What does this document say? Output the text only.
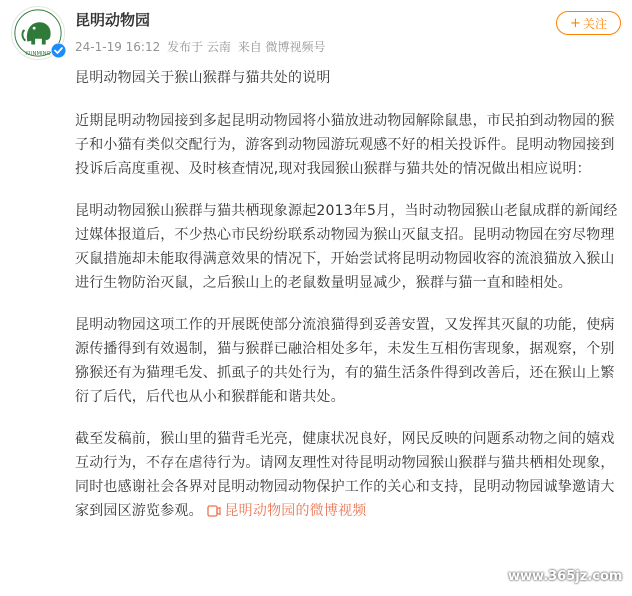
KUNMING
昆明动物园
24-1-19 16:12 发布于 云南 来自 微博视频号
+ 关注

昆明动物园关于猴山猴群与猫共处的说明

近期昆明动物园接到多起昆明动物园将小猫放进动物园解除鼠患，市民拍到动物园的猴子和小猫有类似交配行为，游客到动物园游玩观感不好的相关投诉件。昆明动物园接到投诉后高度重视、及时核查情况,现对我园猴山猴群与猫共处的情况做出相应说明：

昆明动物园猴山猴群与猫共栖现象源起2013年5月，当时动物园猴山老鼠成群的新闻经过媒体报道后，不少热心市民纷纷联系动物园为猴山灭鼠支招。昆明动物园在穷尽物理灭鼠措施却未能取得满意效果的情况下，开始尝试将昆明动物园收容的流浪猫放入猴山进行生物防治灭鼠，之后猴山上的老鼠数量明显减少，猴群与猫一直和睦相处。

昆明动物园这项工作的开展既使部分流浪猫得到妥善安置，又发挥其灭鼠的功能，使病源传播得到有效遏制，猫与猴群已融洽相处多年，未发生互相伤害现象，据观察，个别猕猴还有为猫理毛发、抓虱子的共处行为，有的猫生活条件得到改善后，还在猴山上繁衍了后代，后代也从小和猴群能和谐共处。

截至发稿前，猴山里的猫背毛光亮，健康状况良好，网民反映的问题系动物之间的嬉戏互动行为，不存在虐待行为。请网友理性对待昆明动物园猴山猴群与猫共栖相处现象，同时也感谢社会各界对昆明动物园动物保护工作的关心和支持，昆明动物园诚挚邀请大家到园区游览参观。 昆明动物园的微博视频

www.365jz.com
